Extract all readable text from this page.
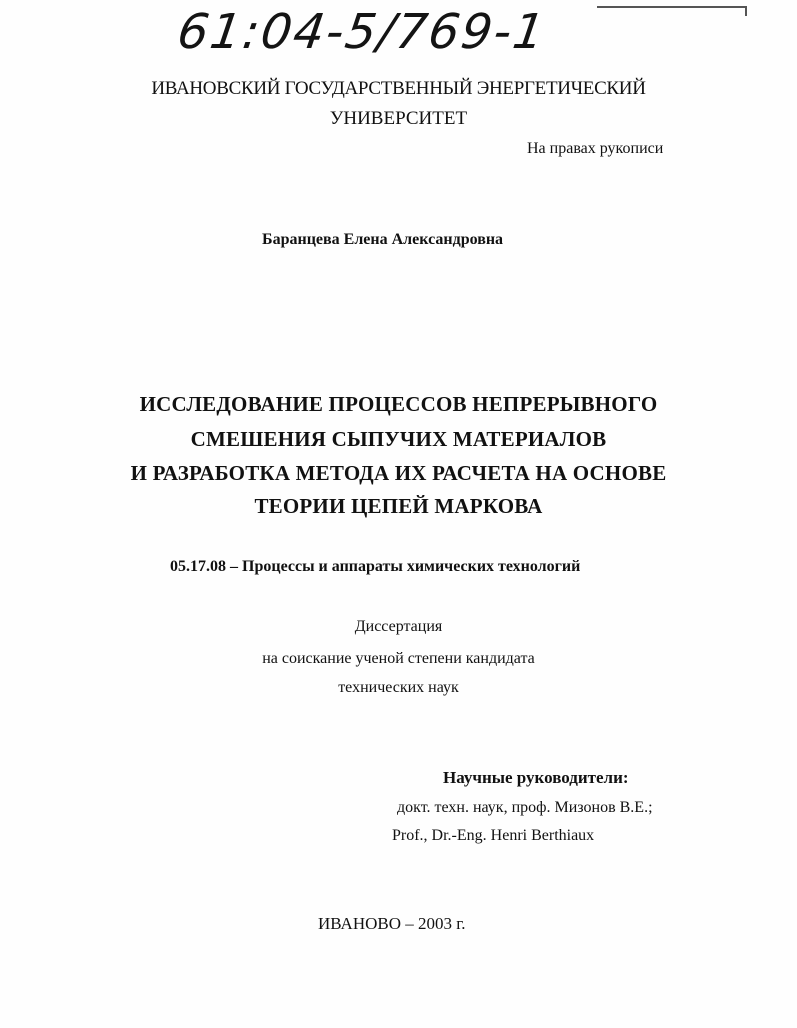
61:04-5/769-1
ИВАНОВСКИЙ ГОСУДАРСТВЕННЫЙ ЭНЕРГЕТИЧЕСКИЙ
УНИВЕРСИТЕТ
На правах рукописи
Баранцева Елена Александровна
ИССЛЕДОВАНИЕ ПРОЦЕССОВ НЕПРЕРЫВНОГО
СМЕШЕНИЯ СЫПУЧИХ МАТЕРИАЛОВ
И РАЗРАБОТКА МЕТОДА ИХ РАСЧЕТА НА ОСНОВЕ
ТЕОРИИ ЦЕПЕЙ МАРКОВА
05.17.08 – Процессы и аппараты химических технологий
Диссертация
на соискание ученой степени кандидата
технических наук
Научные руководители:
докт. техн. наук, проф. Мизонов В.Е.;
Prof., Dr.-Eng. Henri Berthiaux
ИВАНОВО – 2003 г.
